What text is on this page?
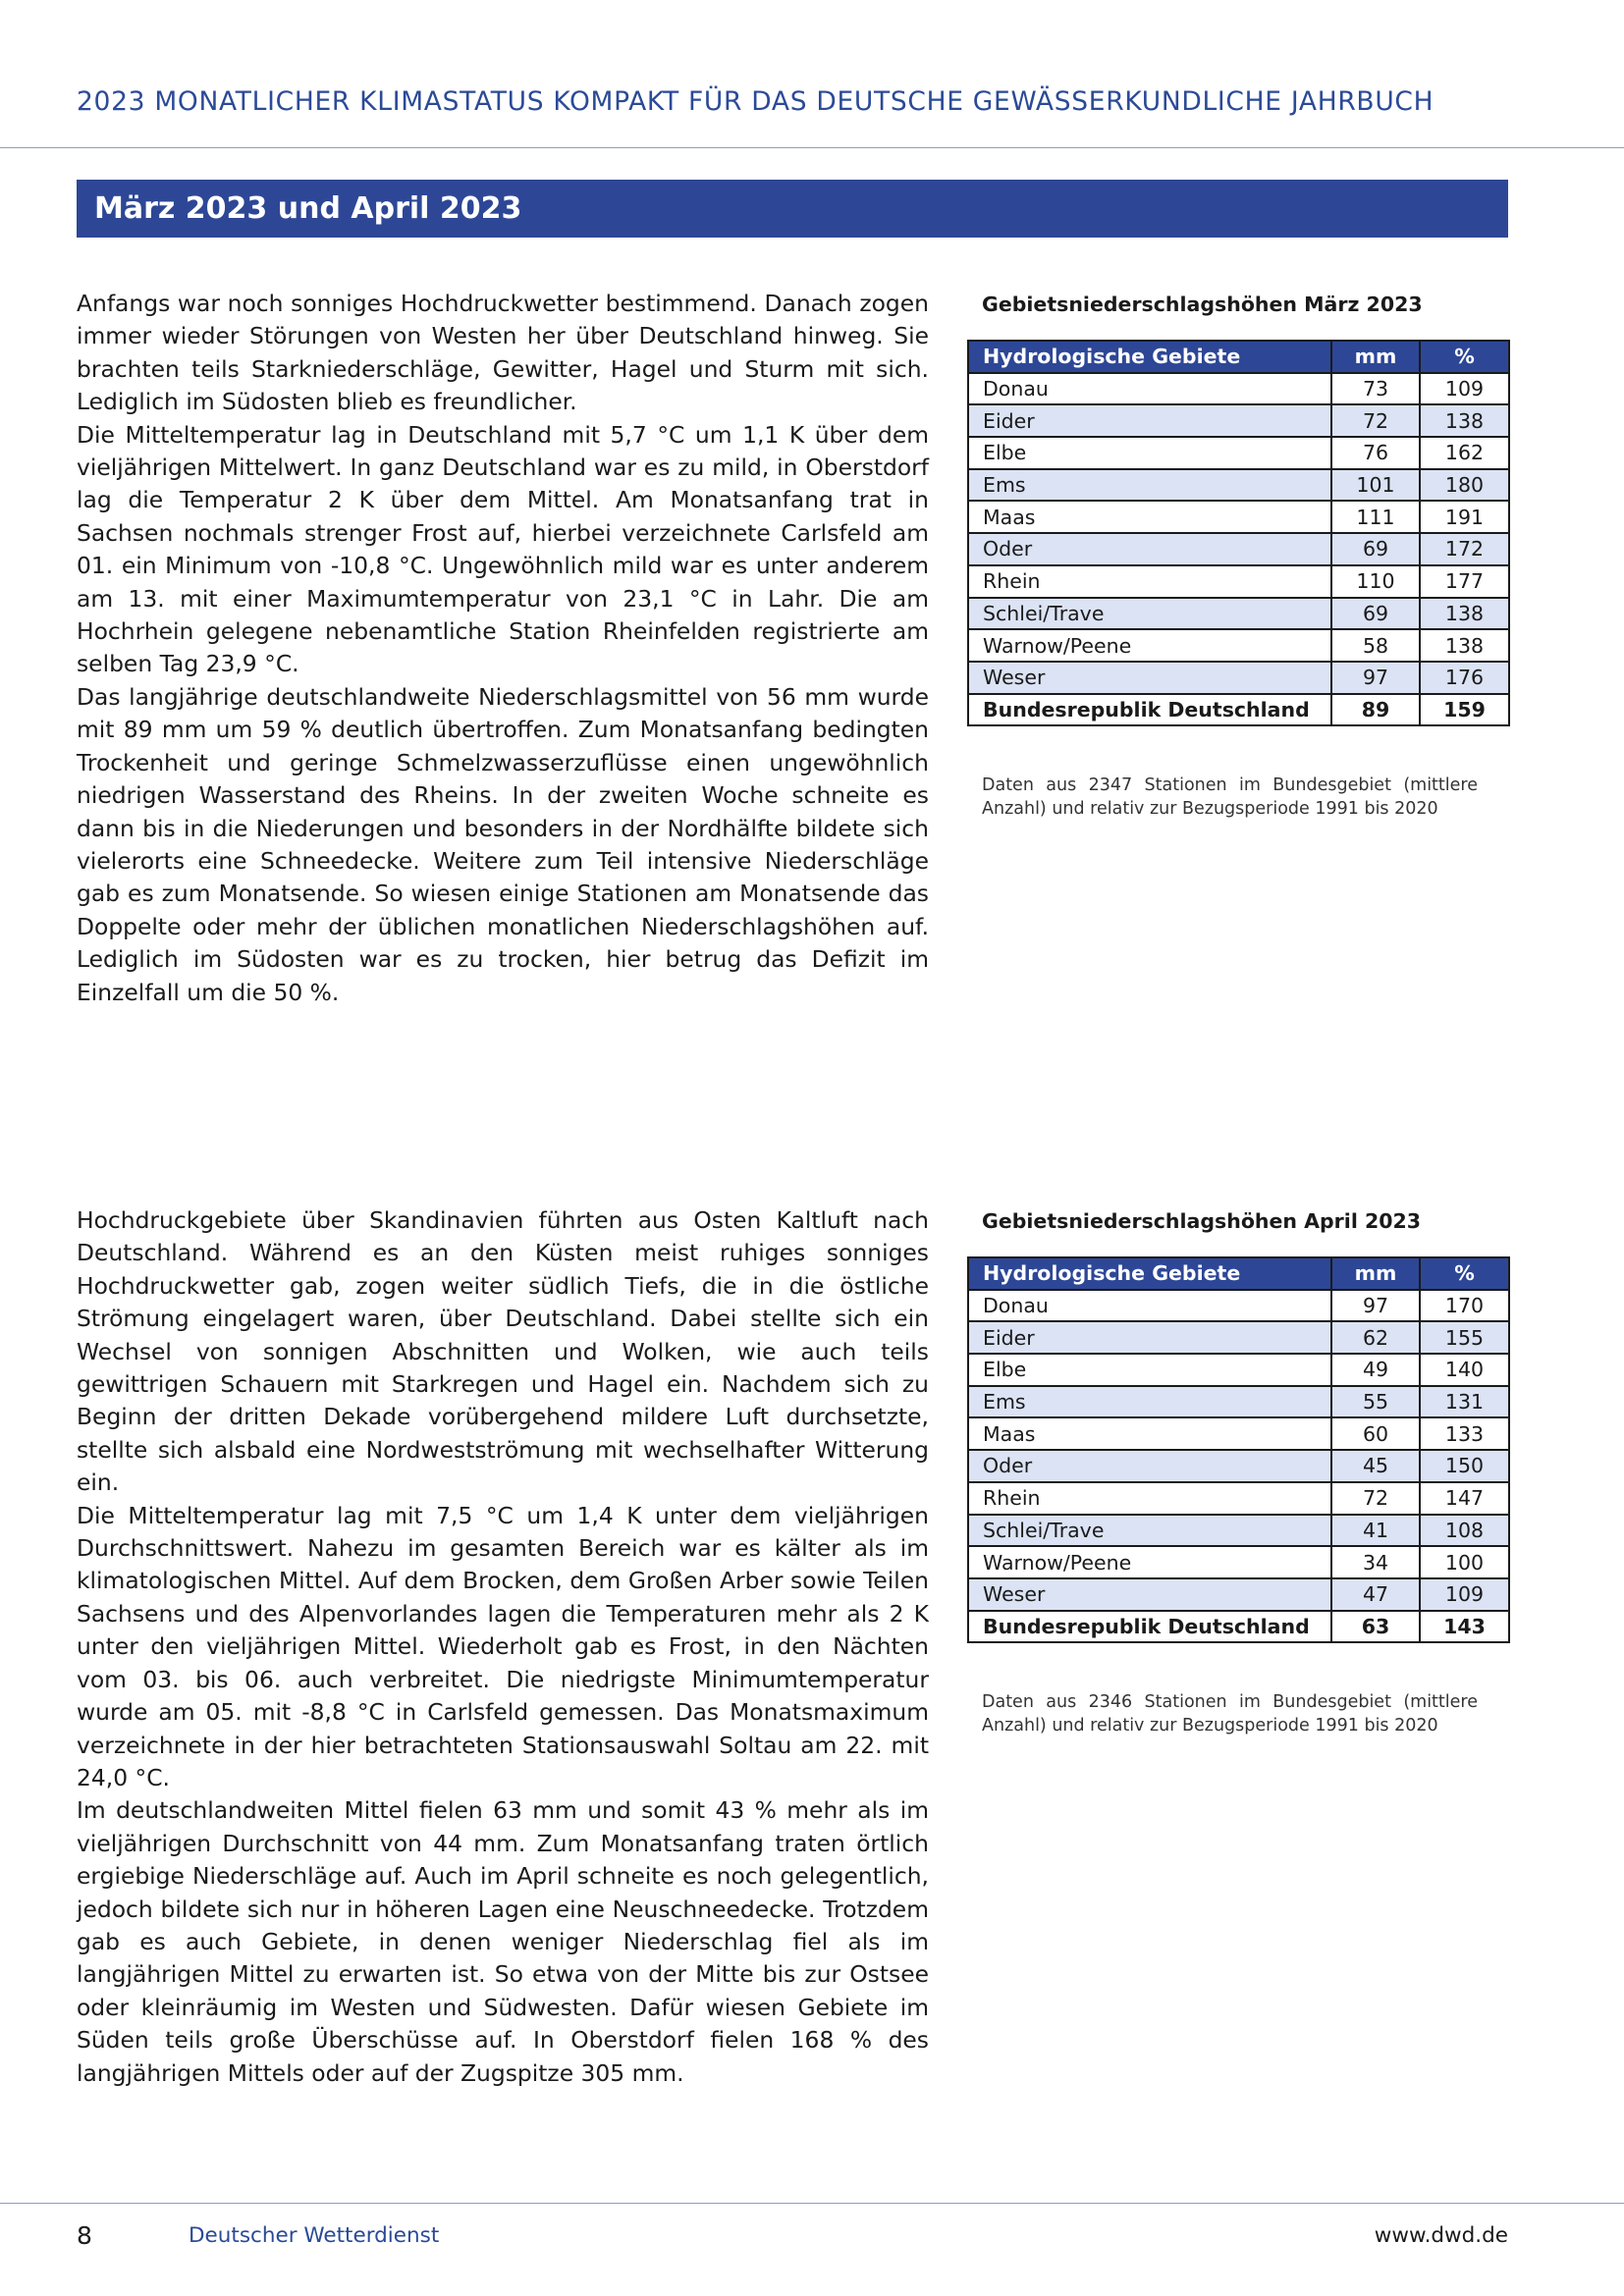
2023 MONATLICHER KLIMASTATUS KOMPAKT FÜR DAS DEUTSCHE GEWÄSSERKUNDLICHE JAHRBUCH
März 2023 und April 2023

Anfangs war noch sonniges Hochdruckwetter bestimmend. Danach zogen immer wieder Störungen von Westen her über Deutschland hinweg. Sie brachten teils Starkniederschläge, Gewitter, Hagel und Sturm mit sich. Lediglich im Südosten blieb es freundlicher.

Die Mitteltemperatur lag in Deutschland mit 5,7 °C um 1,1 K über dem vieljährigen Mittelwert. In ganz Deutschland war es zu mild, in Oberstdorf lag die Temperatur 2 K über dem Mittel. Am Monatsanfang trat in Sachsen nochmals strenger Frost auf, hierbei verzeichnete Carlsfeld am 01. ein Minimum von -10,8 °C. Ungewöhnlich mild war es unter anderem am 13. mit einer Maximumtemperatur von 23,1 °C in Lahr. Die am Hochrhein gelegene nebenamtliche Station Rheinfelden registrierte am selben Tag 23,9 °C.

Das langjährige deutschlandweite Niederschlagsmittel von 56 mm wurde mit 89 mm um 59 % deutlich übertroffen. Zum Monatsanfang bedingten Trockenheit und geringe Schmelzwasserzuflüsse einen ungewöhnlich niedrigen Wasserstand des Rheins. In der zweiten Woche schneite es dann bis in die Niederungen und besonders in der Nordhälfte bildete sich vielerorts eine Schneedecke. Weitere zum Teil intensive Niederschläge gab es zum Monatsende. So wiesen einige Stationen am Monatsende das Doppelte oder mehr der üblichen monatlichen Niederschlagshöhen auf. Lediglich im Südosten war es zu trocken, hier betrug das Defizit im Einzelfall um die 50 %.

Gebietsniederschlagshöhen März 2023
Hydrologische Gebiete	mm	%
Donau	73	109
Eider	72	138
Elbe	76	162
Ems	101	180
Maas	111	191
Oder	69	172
Rhein	110	177
Schlei/Trave	69	138
Warnow/Peene	58	138
Weser	97	176
Bundesrepublik Deutschland	89	159
Daten aus 2347 Stationen im Bundesgebiet (mittlere Anzahl) und relativ zur Bezugsperiode 1991 bis 2020

Hochdruckgebiete über Skandinavien führten aus Osten Kaltluft nach Deutschland. Während es an den Küsten meist ruhiges sonniges Hochdruckwetter gab, zogen weiter südlich Tiefs, die in die östliche Strömung eingelagert waren, über Deutschland. Dabei stellte sich ein Wechsel von sonnigen Abschnitten und Wolken, wie auch teils gewittrigen Schauern mit Starkregen und Hagel ein. Nachdem sich zu Beginn der dritten Dekade vorübergehend mildere Luft durchsetzte, stellte sich alsbald eine Nordwestströmung mit wechselhafter Witterung ein.

Die Mitteltemperatur lag mit 7,5 °C um 1,4 K unter dem vieljährigen Durchschnittswert. Nahezu im gesamten Bereich war es kälter als im klimatologischen Mittel. Auf dem Brocken, dem Großen Arber sowie Teilen Sachsens und des Alpenvorlandes lagen die Temperaturen mehr als 2 K unter den vieljährigen Mittel. Wiederholt gab es Frost, in den Nächten vom 03. bis 06. auch verbreitet. Die niedrigste Minimumtemperatur wurde am 05. mit -8,8 °C in Carlsfeld gemessen. Das Monatsmaximum verzeichnete in der hier betrachteten Stationsauswahl Soltau am 22. mit 24,0 °C.

Im deutschlandweiten Mittel fielen 63 mm und somit 43 % mehr als im vieljährigen Durchschnitt von 44 mm. Zum Monatsanfang traten örtlich ergiebige Niederschläge auf. Auch im April schneite es noch gelegentlich, jedoch bildete sich nur in höheren Lagen eine Neuschneedecke. Trotzdem gab es auch Gebiete, in denen weniger Niederschlag fiel als im langjährigen Mittel zu erwarten ist. So etwa von der Mitte bis zur Ostsee oder kleinräumig im Westen und Südwesten. Dafür wiesen Gebiete im Süden teils große Überschüsse auf. In Oberstdorf fielen 168 % des langjährigen Mittels oder auf der Zugspitze 305 mm.

Gebietsniederschlagshöhen April 2023
Hydrologische Gebiete	mm	%
Donau	97	170
Eider	62	155
Elbe	49	140
Ems	55	131
Maas	60	133
Oder	45	150
Rhein	72	147
Schlei/Trave	41	108
Warnow/Peene	34	100
Weser	47	109
Bundesrepublik Deutschland	63	143
Daten aus 2346 Stationen im Bundesgebiet (mittlere Anzahl) und relativ zur Bezugsperiode 1991 bis 2020
8	Deutscher Wetterdienst	www.dwd.de
